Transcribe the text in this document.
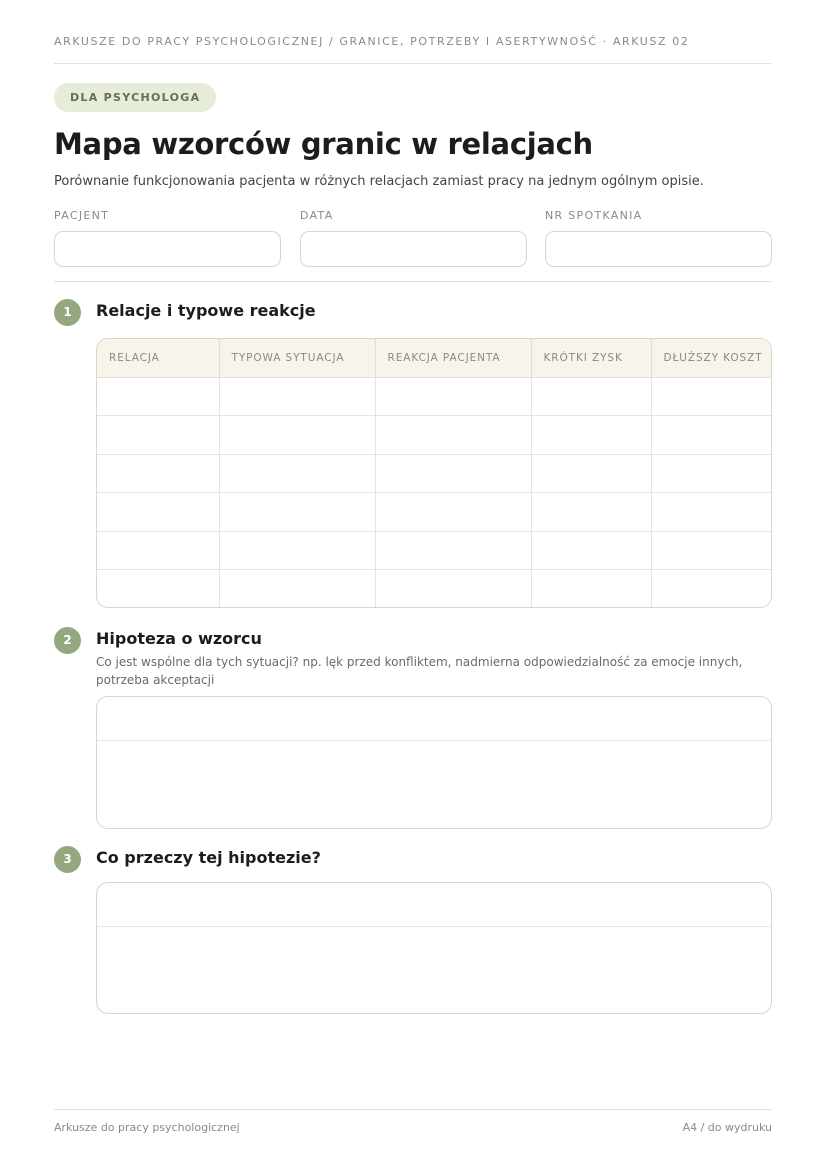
ARKUSZE DO PRACY PSYCHOLOGICZNEJ / GRANICE, POTRZEBY I ASERTYWNOŚĆ · ARKUSZ 02
DLA PSYCHOLOGA
Mapa wzorców granic w relacjach

Porównanie funkcjonowania pacjenta w różnych relacjach zamiast pracy na jednym ogólnym opisie.

PACJENT	DATA	NR SPOTKANIA
1	Relacje i typowe reakcje
RELACJA	TYPOWA SYTUACJA	REAKCJA PACJENTA	KRÓTKI ZYSK	DŁUŻSZY KOSZT

2	Hipoteza o wzorcu
Co jest wspólne dla tych sytuacji? np. lęk przed konfliktem, nadmierna odpowiedzialność za emocje innych, potrzeba akceptacji
3	Co przeczy tej hipotezie?
Arkusze do pracy psychologicznej	A4 / do wydruku
